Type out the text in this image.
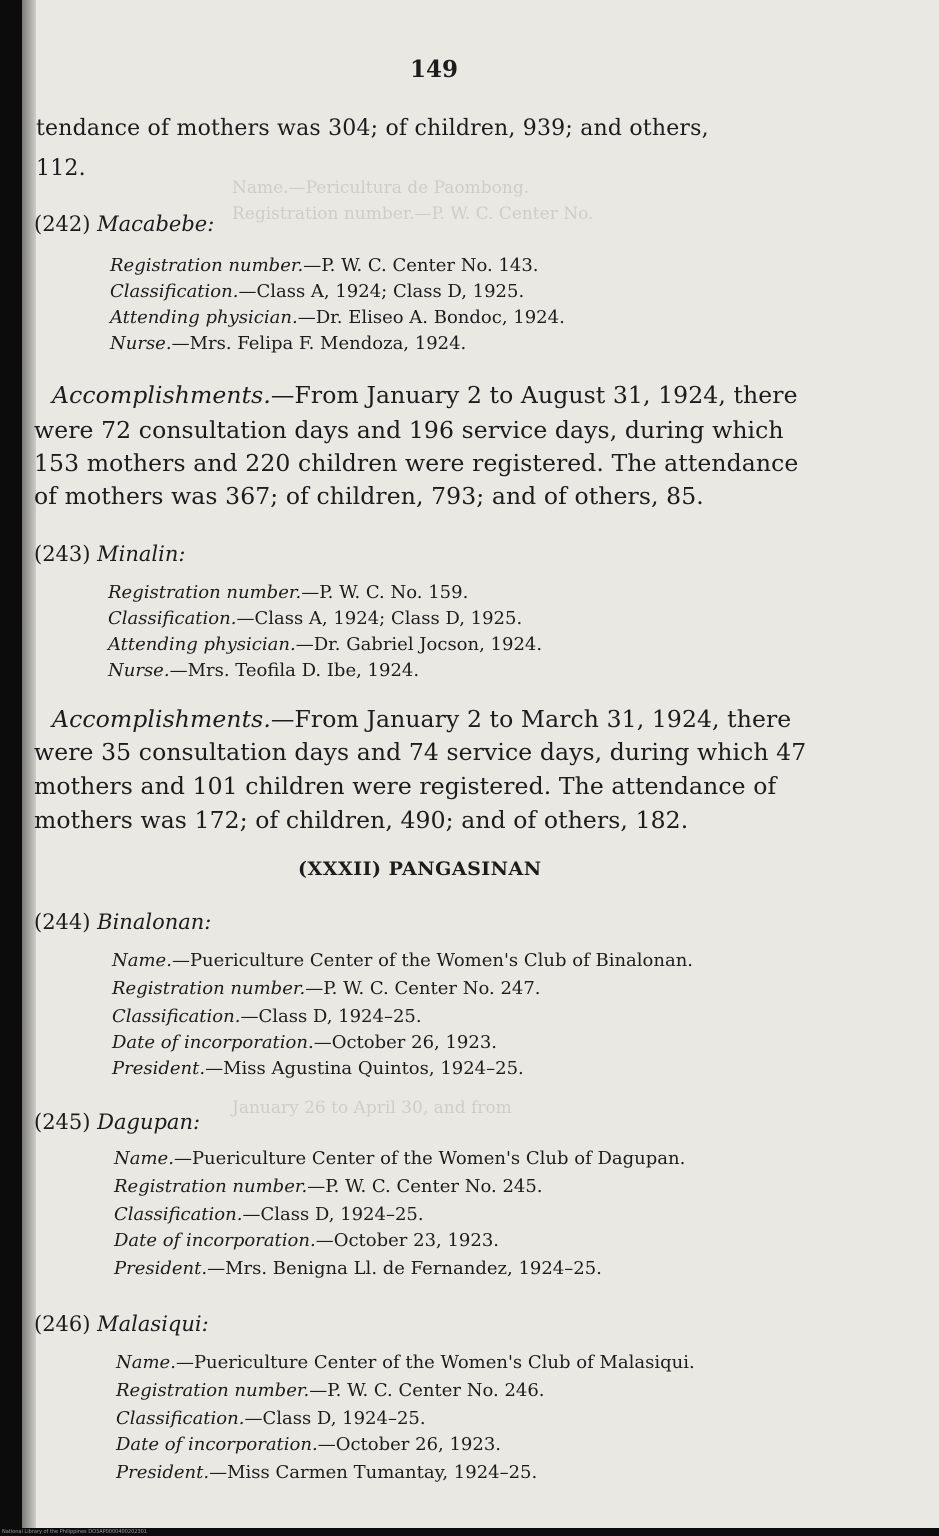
Name.—Pericultura de Paombong.
Registration number.—P. W. C. Center No.
January 26 to April 30, and from
149
tendance of mothers was 304; of children, 939; and others,
112.
(242) Macabebe:
Registration number.—P. W. C. Center No. 143.
Classification.—Class A, 1924; Class D, 1925.
Attending physician.—Dr. Eliseo A. Bondoc, 1924.
Nurse.—Mrs. Felipa F. Mendoza, 1924.
Accomplishments.—From January 2 to August 31, 1924, there
were 72 consultation days and 196 service days, during which
153 mothers and 220 children were registered. The attendance
of mothers was 367; of children, 793; and of others, 85.
(243) Minalin:
Registration number.—P. W. C. No. 159.
Classification.—Class A, 1924; Class D, 1925.
Attending physician.—Dr. Gabriel Jocson, 1924.
Nurse.—Mrs. Teofila D. Ibe, 1924.
Accomplishments.—From January 2 to March 31, 1924, there
were 35 consultation days and 74 service days, during which 47
mothers and 101 children were registered. The attendance of
mothers was 172; of children, 490; and of others, 182.
(XXXII) PANGASINAN
(244) Binalonan:
Name.—Puericulture Center of the Women's Club of Binalonan.
Registration number.—P. W. C. Center No. 247.
Classification.—Class D, 1924–25.
Date of incorporation.—October 26, 1923.
President.—Miss Agustina Quintos, 1924–25.
(245) Dagupan:
Name.—Puericulture Center of the Women's Club of Dagupan.
Registration number.—P. W. C. Center No. 245.
Classification.—Class D, 1924–25.
Date of incorporation.—October 23, 1923.
President.—Mrs. Benigna Ll. de Fernandez, 1924–25.
(246) Malasiqui:
Name.—Puericulture Center of the Women's Club of Malasiqui.
Registration number.—P. W. C. Center No. 246.
Classification.—Class D, 1924–25.
Date of incorporation.—October 26, 1923.
President.—Miss Carmen Tumantay, 1924–25.
National Library of the Philippines DO3AP0000400202301
